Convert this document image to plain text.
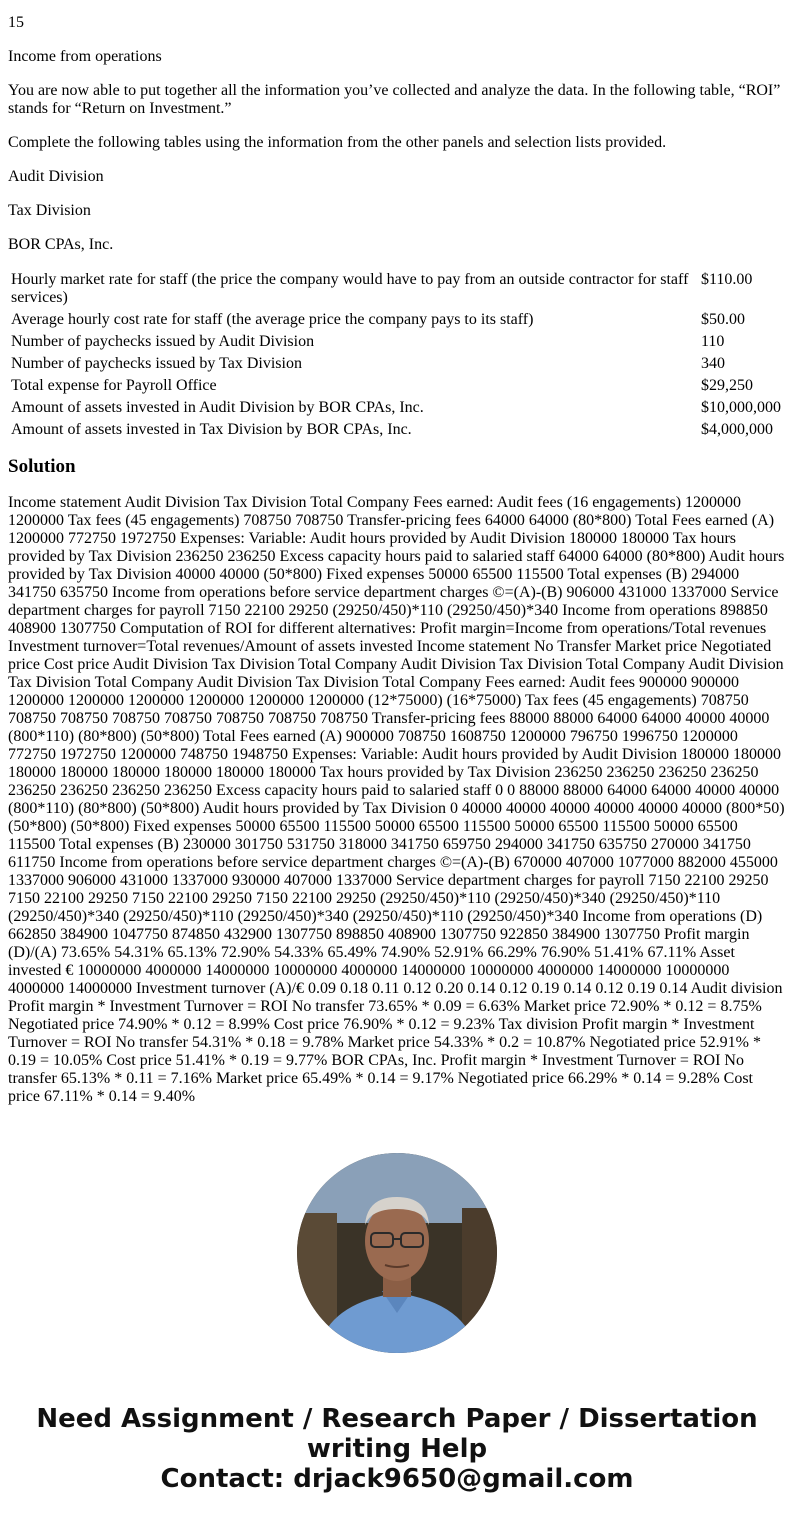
15

Income from operations

You are now able to put together all the information you’ve collected and analyze the data. In the following table, “ROI” stands for “Return on Investment.”

Complete the following tables using the information from the other panels and selection lists provided.

Audit Division

Tax Division

BOR CPAs, Inc.

Hourly market rate for staff (the price the company would have to pay from an outside contractor for staff services)	$110.00
Average hourly cost rate for staff (the average price the company pays to its staff)	$50.00
Number of paychecks issued by Audit Division	110
Number of paychecks issued by Tax Division	340
Total expense for Payroll Office	$29,250
Amount of assets invested in Audit Division by BOR CPAs, Inc.	$10,000,000
Amount of assets invested in Tax Division by BOR CPAs, Inc.	$4,000,000
Solution

Income statement Audit Division Tax Division Total Company Fees earned: Audit fees (16 engagements) 1200000 1200000 Tax fees (45 engagements) 708750 708750 Transfer-pricing fees 64000 64000 (80*800) Total Fees earned (A) 1200000 772750 1972750 Expenses: Variable: Audit hours provided by Audit Division 180000 180000 Tax hours provided by Tax Division 236250 236250 Excess capacity hours paid to salaried staff 64000 64000 (80*800) Audit hours provided by Tax Division 40000 40000 (50*800) Fixed expenses 50000 65500 115500 Total expenses (B) 294000 341750 635750 Income from operations before service department charges ©=(A)-(B) 906000 431000 1337000 Service department charges for payroll 7150 22100 29250 (29250/450)*110 (29250/450)*340 Income from operations 898850 408900 1307750 Computation of ROI for different alternatives: Profit margin=Income from operations/Total revenues Investment turnover=Total revenues/Amount of assets invested Income statement No Transfer Market price Negotiated price Cost price Audit Division Tax Division Total Company Audit Division Tax Division Total Company Audit Division Tax Division Total Company Audit Division Tax Division Total Company Fees earned: Audit fees 900000 900000 1200000 1200000 1200000 1200000 1200000 1200000 (12*75000) (16*75000) Tax fees (45 engagements) 708750 708750 708750 708750 708750 708750 708750 708750 Transfer-pricing fees 88000 88000 64000 64000 40000 40000 (800*110) (80*800) (50*800) Total Fees earned (A) 900000 708750 1608750 1200000 796750 1996750 1200000 772750 1972750 1200000 748750 1948750 Expenses: Variable: Audit hours provided by Audit Division 180000 180000 180000 180000 180000 180000 180000 180000 Tax hours provided by Tax Division 236250 236250 236250 236250 236250 236250 236250 236250 Excess capacity hours paid to salaried staff 0 0 88000 88000 64000 64000 40000 40000 (800*110) (80*800) (50*800) Audit hours provided by Tax Division 0 40000 40000 40000 40000 40000 40000 (800*50) (50*800) (50*800) Fixed expenses 50000 65500 115500 50000 65500 115500 50000 65500 115500 50000 65500 115500 Total expenses (B) 230000 301750 531750 318000 341750 659750 294000 341750 635750 270000 341750 611750 Income from operations before service department charges ©=(A)-(B) 670000 407000 1077000 882000 455000 1337000 906000 431000 1337000 930000 407000 1337000 Service department charges for payroll 7150 22100 29250 7150 22100 29250 7150 22100 29250 7150 22100 29250 (29250/450)*110 (29250/450)*340 (29250/450)*110 (29250/450)*340 (29250/450)*110 (29250/450)*340 (29250/450)*110 (29250/450)*340 Income from operations (D) 662850 384900 1047750 874850 432900 1307750 898850 408900 1307750 922850 384900 1307750 Profit margin (D)/(A) 73.65% 54.31% 65.13% 72.90% 54.33% 65.49% 74.90% 52.91% 66.29% 76.90% 51.41% 67.11% Asset invested € 10000000 4000000 14000000 10000000 4000000 14000000 10000000 4000000 14000000 10000000 4000000 14000000 Investment turnover (A)/€ 0.09 0.18 0.11 0.12 0.20 0.14 0.12 0.19 0.14 0.12 0.19 0.14 Audit division Profit margin * Investment Turnover = ROI No transfer 73.65% * 0.09 = 6.63% Market price 72.90% * 0.12 = 8.75% Negotiated price 74.90% * 0.12 = 8.99% Cost price 76.90% * 0.12 = 9.23% Tax division Profit margin * Investment Turnover = ROI No transfer 54.31% * 0.18 = 9.78% Market price 54.33% * 0.2 = 10.87% Negotiated price 52.91% * 0.19 = 10.05% Cost price 51.41% * 0.19 = 9.77% BOR CPAs, Inc. Profit margin * Investment Turnover = ROI No transfer 65.13% * 0.11 = 7.16% Market price 65.49% * 0.14 = 9.17% Negotiated price 66.29% * 0.14 = 9.28% Cost price 67.11% * 0.14 = 9.40%

Need Assignment / Research Paper / Dissertation
writing Help
Contact: drjack9650@gmail.com
